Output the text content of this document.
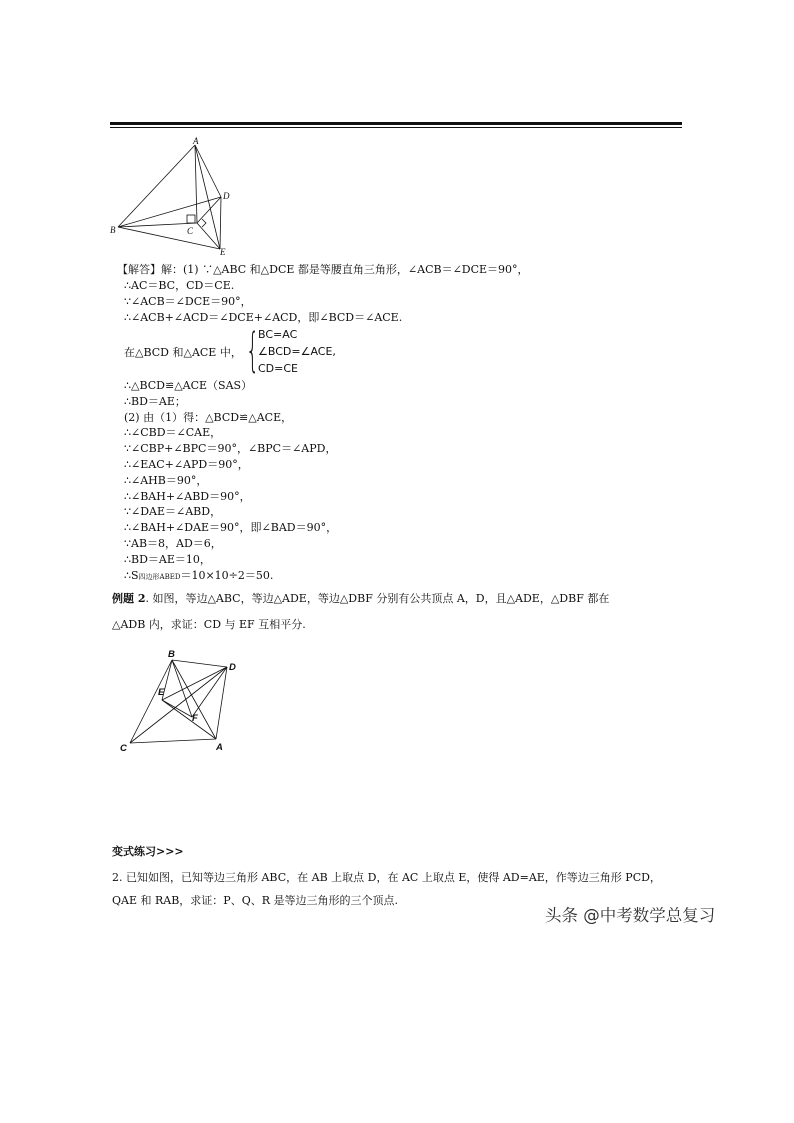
A
B	C
D
E
【解答】解：(1) ∵△ABC 和△DCE 都是等腰直角三角形，∠ACB＝∠DCE＝90°，
∴AC＝BC，CD＝CE.
∵∠ACB＝∠DCE＝90°，
∴∠ACB+∠ACD＝∠DCE+∠ACD，即∠BCD＝∠ACE.
在△BCD 和△ACE 中， {
BC=AC
∠BCD=∠ACE,
CD=CE
∴△BCD≌△ACE（SAS）
∴BD＝AE；
(2) 由（1）得：△BCD≌△ACE，
∴∠CBD＝∠CAE，
∵∠CBP+∠BPC＝90°，∠BPC＝∠APD，
∴∠EAC+∠APD＝90°，
∴∠AHB＝90°，
∴∠BAH+∠ABD＝90°，
∵∠DAE＝∠ABD，
∴∠BAH+∠DAE＝90°，即∠BAD＝90°，
∵AB＝8，AD＝6，
∴BD＝AE＝10，
∴S四边形ABED＝10×10÷2＝50.
例题 2. 如图，等边△ABC，等边△ADE，等边△DBF 分别有公共顶点 A，D，且△ADE，△DBF 都在
△ADB 内，求证：CD 与 EF 互相平分.
B
D
E
F
C	A
变式练习>>>
2. 已知如图，已知等边三角形 ABC，在 AB 上取点 D，在 AC 上取点 E，使得 AD=AE，作等边三角形 PCD，
QAE 和 RAB，求证：P、Q、R 是等边三角形的三个顶点.
头条 @中考数学总复习
